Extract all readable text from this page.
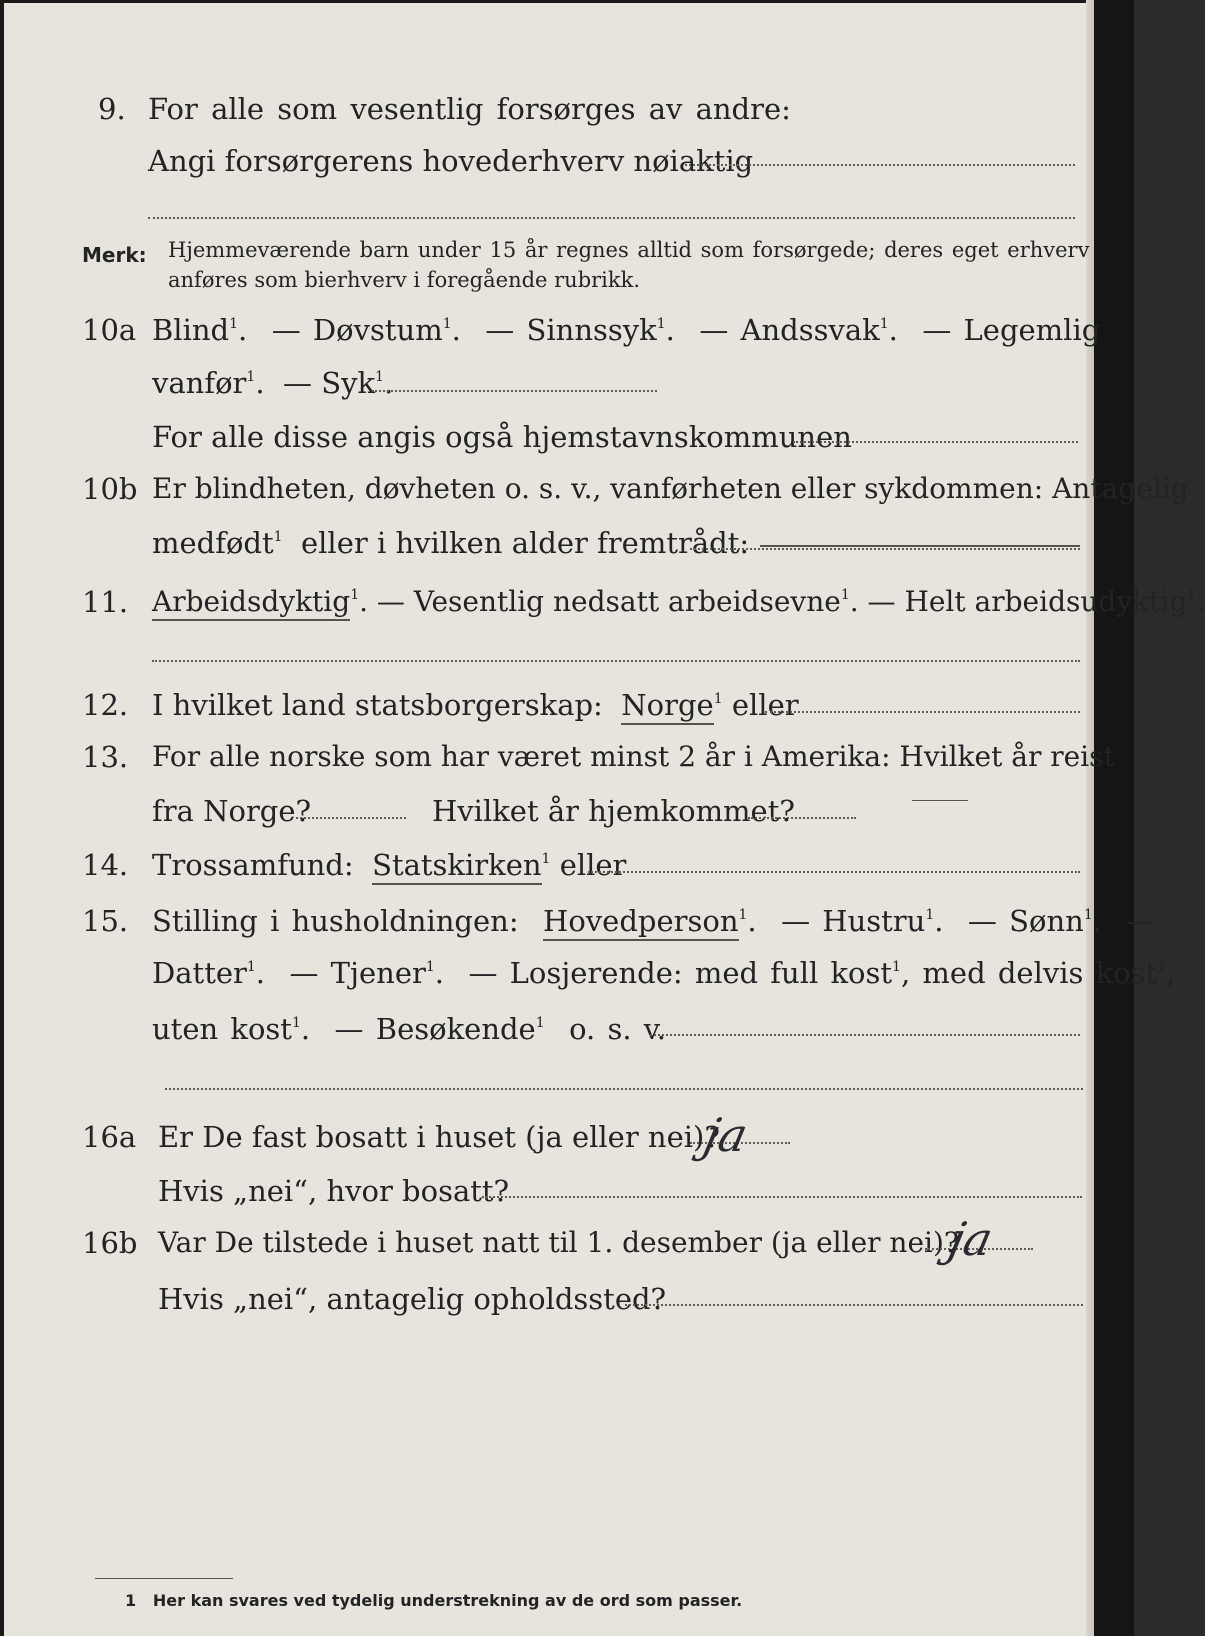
9. For alle som vesentlig forsørges av andre:
Angi forsørgerens hovederhverv nøiaktig
Merk: Hjemmeværende barn under 15 år regnes alltid som forsørgede; deres eget erhverv
anføres som bierhverv i foregående rubrikk.
10a Blind$^1$.  — Døvstum$^1$.  — Sinnssyk$^1$.  — Andssvak$^1$.  — Legemlig
vanfør$^1$.  — Syk$^1$.
For alle disse angis også hjemstavnskommunen
10b Er blindheten, døvheten o. s. v., vanførheten eller sykdommen: Antagelig
medfødt$^1$ eller i hvilken alder fremtrådt:
11. Arbeidsdyktig$^1$. — Vesentlig nedsatt arbeidsevne$^1$. — Helt arbeidsudyktig$^1$.
12. I hvilket land statsborgerskap: Norge$^1$ eller
13. For alle norske som har været minst 2 år i Amerika: Hvilket år reist
fra Norge?	Hvilket år hjemkommet?
14. Trossamfund: Statskirken$^1$ eller
15. Stilling i husholdningen: Hovedperson$^1$.  — Hustru$^1$.  — Sønn$^1$.  —
Datter$^1$.  — Tjener$^1$.  — Losjerende: med full kost$^1$, med delvis kost$^1$,
uten kost$^1$.  — Besøkende$^1$ o. s. v.
16a Er De fast bosatt i huset (ja eller nei)?
ja
Hvis „nei“, hvor bosatt?
16b Var De tilstede i huset natt til 1. desember (ja eller nei)?
ja
Hvis „nei“, antagelig opholdssted?
1 Her kan svares ved tydelig understrekning av de ord som passer.
